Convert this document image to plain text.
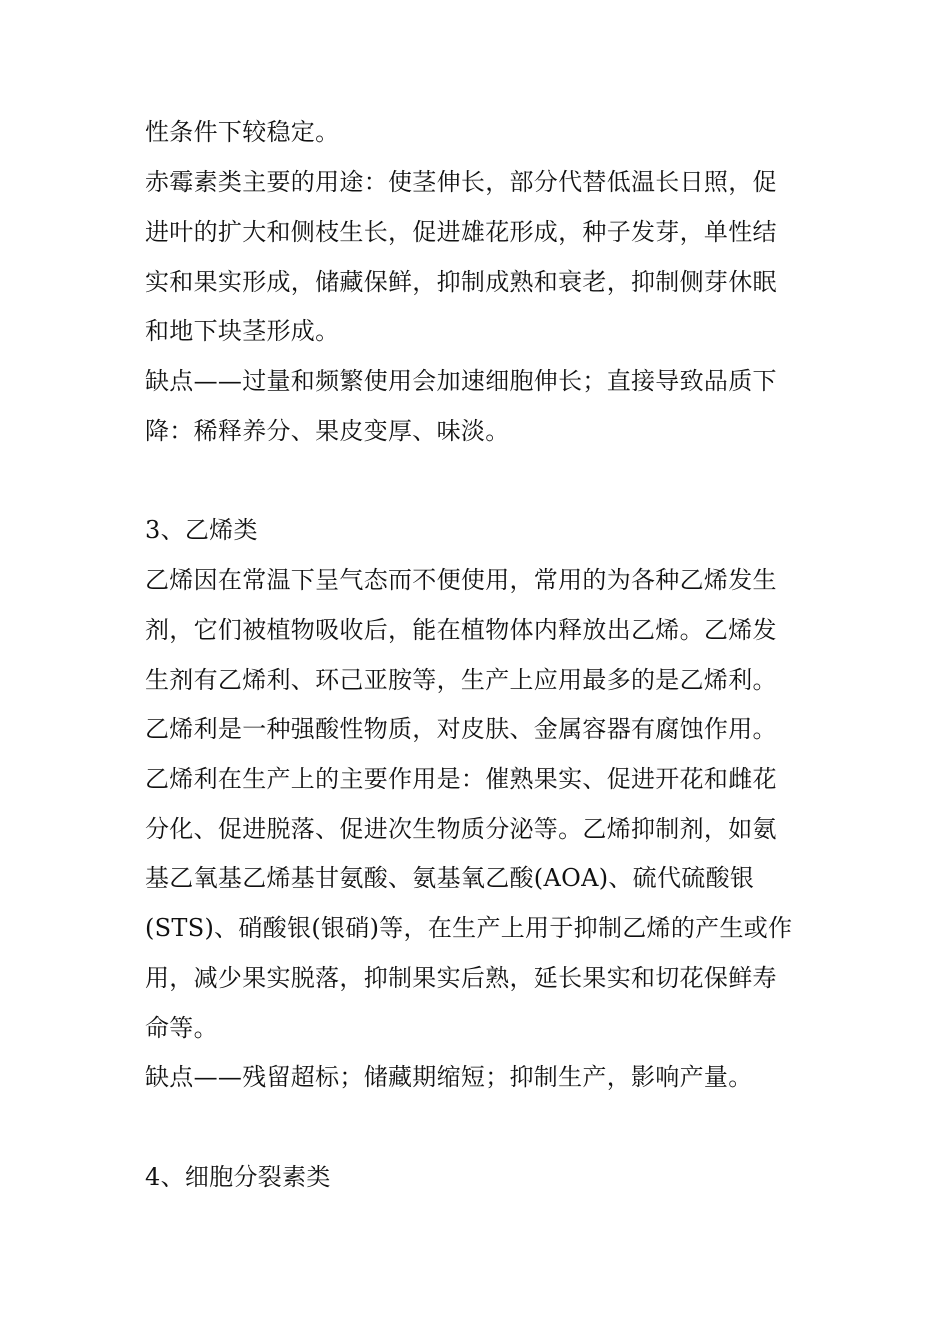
性条件下较稳定。
赤霉素类主要的用途：使茎伸长，部分代替低温长日照，促
进叶的扩大和侧枝生长，促进雄花形成，种子发芽，单性结
实和果实形成，储藏保鲜，抑制成熟和衰老，抑制侧芽休眠
和地下块茎形成。
缺点——过量和频繁使用会加速细胞伸长；直接导致品质下
降：稀释养分、果皮变厚、味淡。
3、乙烯类
乙烯因在常温下呈气态而不便使用，常用的为各种乙烯发生
剂，它们被植物吸收后，能在植物体内释放出乙烯。乙烯发
生剂有乙烯利、环己亚胺等，生产上应用最多的是乙烯利。
乙烯利是一种强酸性物质，对皮肤、金属容器有腐蚀作用。
乙烯利在生产上的主要作用是：催熟果实、促进开花和雌花
分化、促进脱落、促进次生物质分泌等。乙烯抑制剂，如氨
基乙氧基乙烯基甘氨酸、氨基氧乙酸(AOA)、硫代硫酸银
(STS)、硝酸银(银硝)等，在生产上用于抑制乙烯的产生或作
用，减少果实脱落，抑制果实后熟，延长果实和切花保鲜寿
命等。
缺点——残留超标；储藏期缩短；抑制生产，影响产量。
4、细胞分裂素类
